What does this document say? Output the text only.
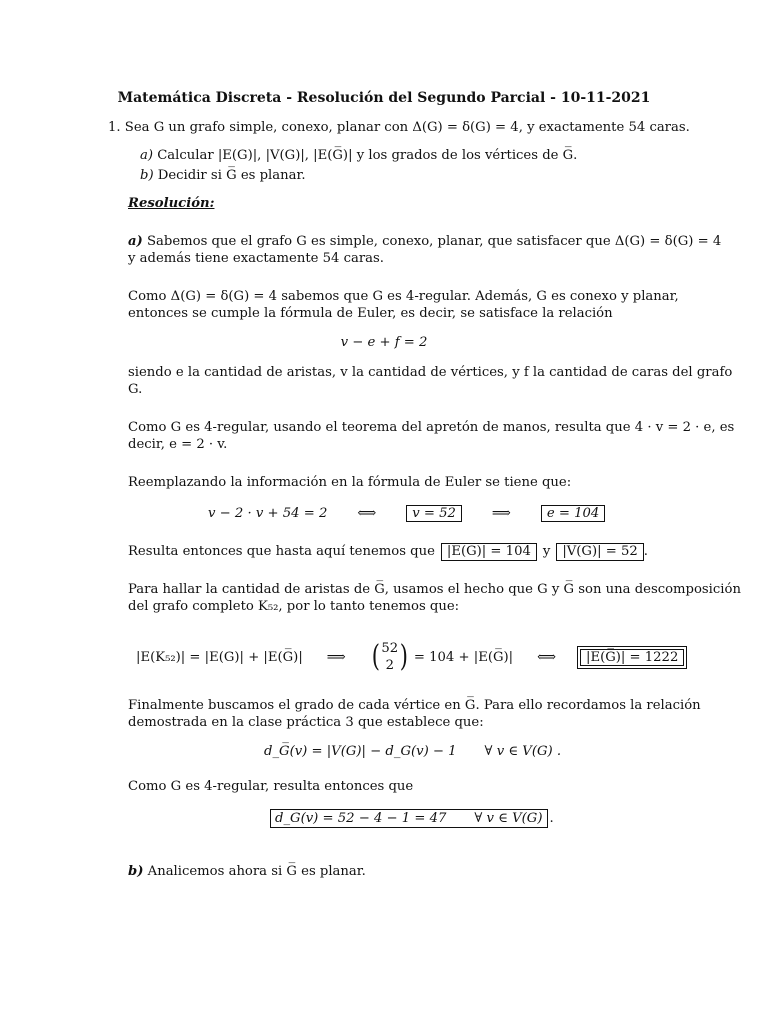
Matemática Discreta - Resolución del Segundo Parcial - 10-11-2021
1. Sea G un grafo simple, conexo, planar con Δ(G) = δ(G) = 4, y exactamente 54 caras.
a) Calcular |E(G)|, |V(G)|, |E(G̅)| y los grados de los vértices de G̅.
b) Decidir si G̅ es planar.
Resolución:
a) Sabemos que el grafo G es simple, conexo, planar, que satisfacer que Δ(G) = δ(G) = 4
y además tiene exactamente 54 caras.
Como Δ(G) = δ(G) = 4 sabemos que G es 4-regular. Además, G es conexo y planar,
entonces se cumple la fórmula de Euler, es decir, se satisface la relación
v − e + f = 2
siendo e la cantidad de aristas, v la cantidad de vértices, y f la cantidad de caras del grafo
G.
Como G es 4-regular, usando el teorema del apretón de manos, resulta que 4 · v = 2 · e, es
decir, e = 2 · v.
Reemplazando la información en la fórmula de Euler se tiene que:
v − 2 · v + 54 = 2 ⟺	v = 52	⟹	e = 104
Resulta entonces que hasta aquí tenemos que |E(G)| = 104 y |V(G)| = 52 .
Para hallar la cantidad de aristas de G̅, usamos el hecho que G y G̅ son una descomposición
del grafo completo K₅₂, por lo tanto tenemos que:
|E(K₅₂)| = |E(G)| + |E(G̅)| ⟹ ( 52
2 ) = 104 + |E(G̅)| ⟺	|E(G̅)| = 1222
Finalmente buscamos el grado de cada vértice en G̅. Para ello recordamos la relación
demostrada en la clase práctica 3 que establece que:
d_G̅(v) = |V(G)| − d_G(v) − 1 ∀ v ∈ V(G) .
Como G es 4-regular, resulta entonces que
d_G̅(v) = 52 − 4 − 1 = 47 ∀ v ∈ V(G) .
b) Analicemos ahora si G̅ es planar.
